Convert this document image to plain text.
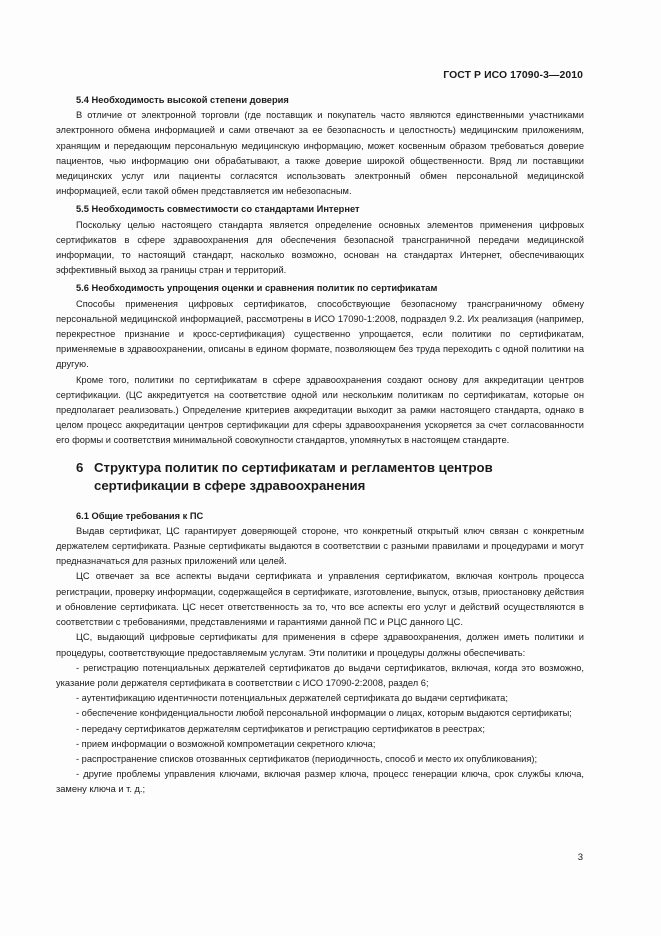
ГОСТ Р ИСО 17090-3—2010
5.4 Необходимость высокой степени доверия
В отличие от электронной торговли (где поставщик и покупатель часто являются единственными участниками электронного обмена информацией и сами отвечают за ее безопасность и целостность) медицинским приложениям, хранящим и передающим персональную медицинскую информацию, может косвенным образом требоваться доверие пациентов, чью информацию они обрабатывают, а также доверие широкой общественности. Вряд ли поставщики медицинских услуг или пациенты согласятся использовать электронный обмен персональной медицинской информацией, если такой обмен представляется им небезопасным.
5.5 Необходимость совместимости со стандартами Интернет
Поскольку целью настоящего стандарта является определение основных элементов применения цифровых сертификатов в сфере здравоохранения для обеспечения безопасной трансграничной передачи медицинской информации, то настоящий стандарт, насколько возможно, основан на стандартах Интернет, обеспечивающих эффективный выход за границы стран и территорий.
5.6 Необходимость упрощения оценки и сравнения политик по сертификатам
Способы применения цифровых сертификатов, способствующие безопасному трансграничному обмену персональной медицинской информацией, рассмотрены в ИСО 17090-1:2008, подраздел 9.2. Их реализация (например, перекрестное признание и кросс-сертификация) существенно упрощается, если политики по сертификатам, применяемые в здравоохранении, описаны в едином формате, позволяющем без труда переходить с одной политики на другую.
Кроме того, политики по сертификатам в сфере здравоохранения создают основу для аккредитации центров сертификации. (ЦС аккредитуется на соответствие одной или нескольким политикам по сертификатам, которые он предполагает реализовать.) Определение критериев аккредитации выходит за рамки настоящего стандарта, однако в целом процесс аккредитации центров сертификации для сферы здравоохранения ускоряется за счет согласованности его формы и соответствия минимальной совокупности стандартов, упомянутых в настоящем стандарте.
6 Структура политик по сертификатам и регламентов центров
сертификации в сфере здравоохранения
6.1 Общие требования к ПС
Выдав сертификат, ЦС гарантирует доверяющей стороне, что конкретный открытый ключ связан с конкретным держателем сертификата. Разные сертификаты выдаются в соответствии с разными правилами и процедурами и могут предназначаться для разных приложений или целей.
ЦС отвечает за все аспекты выдачи сертификата и управления сертификатом, включая контроль процесса регистрации, проверку информации, содержащейся в сертификате, изготовление, выпуск, отзыв, приостановку действия и обновление сертификата. ЦС несет ответственность за то, что все аспекты его услуг и действий осуществляются в соответствии с требованиями, представлениями и гарантиями данной ПС и РЦС данного ЦС.
ЦС, выдающий цифровые сертификаты для применения в сфере здравоохранения, должен иметь политики и процедуры, соответствующие предоставляемым услугам. Эти политики и процедуры должны обеспечивать:
- регистрацию потенциальных держателей сертификатов до выдачи сертификатов, включая, когда это возможно, указание роли держателя сертификата в соответствии с ИСО 17090-2:2008, раздел 6;
- аутентификацию идентичности потенциальных держателей сертификата до выдачи сертификата;
- обеспечение конфиденциальности любой персональной информации о лицах, которым выдаются сертификаты;
- передачу сертификатов держателям сертификатов и регистрацию сертификатов в реестрах;
- прием информации о возможной компрометации секретного ключа;
- распространение списков отозванных сертификатов (периодичность, способ и место их опубликования);
- другие проблемы управления ключами, включая размер ключа, процесс генерации ключа, срок службы ключа, замену ключа и т. д.;
3
